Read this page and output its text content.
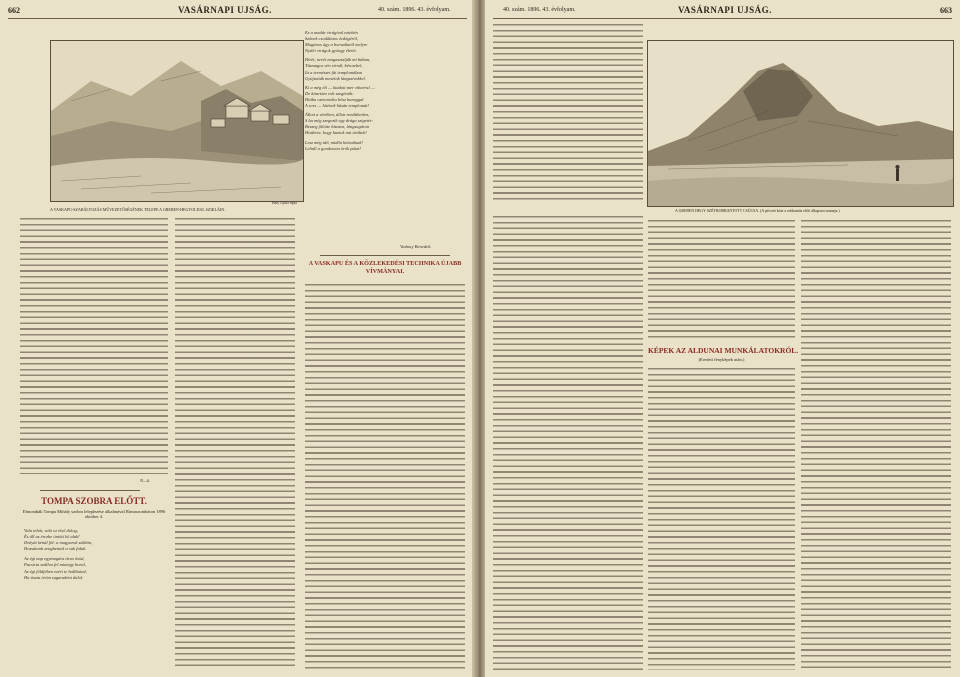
662	VASÁRNAPI UJSÁG.	40. szám. 1896. 43. évfolyam.
Háry Gyula rajza
A VASKAPU-SZABÁLYOZÁS MŰVEZETŐSÉGÉNEK TELEPE A GREBEN-HEGYOLDAL SZIKLÁIN.
N—k.
TOMPA SZOBRA ELŐTT.
Elmondták Tompa Mihály szobra leleplezése alkalmával Rimaszombaton 1896 október 4.
Vala tehát, való ez első dolog,
És áll az érczbe öntött kő alak!
Ibolyát kénál föl: a magyarok sziklán,
Hozsánnát zenghetnek a vak falak.
Az égi nap egymagára árva ősöd,
Pacsirta szállva fel mintegy borul,
Az égi földjében ezért te hallhatod,
Ha tiszta öröm sugaraként dalol.
Ez a madár virágival eztehén
Szőnek csodálatos ördögéről,
Magános úgy a borszálatól melyre
Nyúló virágok gyöngy életét.
Hírét, nevét magasztalják mi búban,
Tűzmagos vén sírnál, bérczekel,
Itt a természet fái templomában
Gyújtották meséink lángszívekkel.
Ki a még élt — kiadott mer viharral —
De kitartóm volt szegénült:
Hiába ostromolta bősz haraggal
A sors — hitének húsán templomát!
Állott a vérében, állott rendíthetlen,
S ha még szegezik egy drága szigetér:
Bezzeg fölötte hízatva, lángsugáron
Hirdetve, hogy haztok mit ürültek!
Lesz még idő, midőn kiáradnak!
Lehull a gondonem örök pászt!
Vadnay Benedek.
A VASKAPU ÉS A KÖZLEKEDÉSI TECHNIKA ÚJABB VÍVMÁNYAI.
40. szám. 1896. 43. évfolyam.	VASÁRNAPI UJSÁG.	663
A GREBEN HEGY SZÉTROBBANTOTT CSÚCSA. (A pécsett közt a robbantás előtt állapotot mutatja.)
KÉPEK AZ ALDUNAI MUNKÁLATOKRÓL.
(Eredeti fényképek után.)
